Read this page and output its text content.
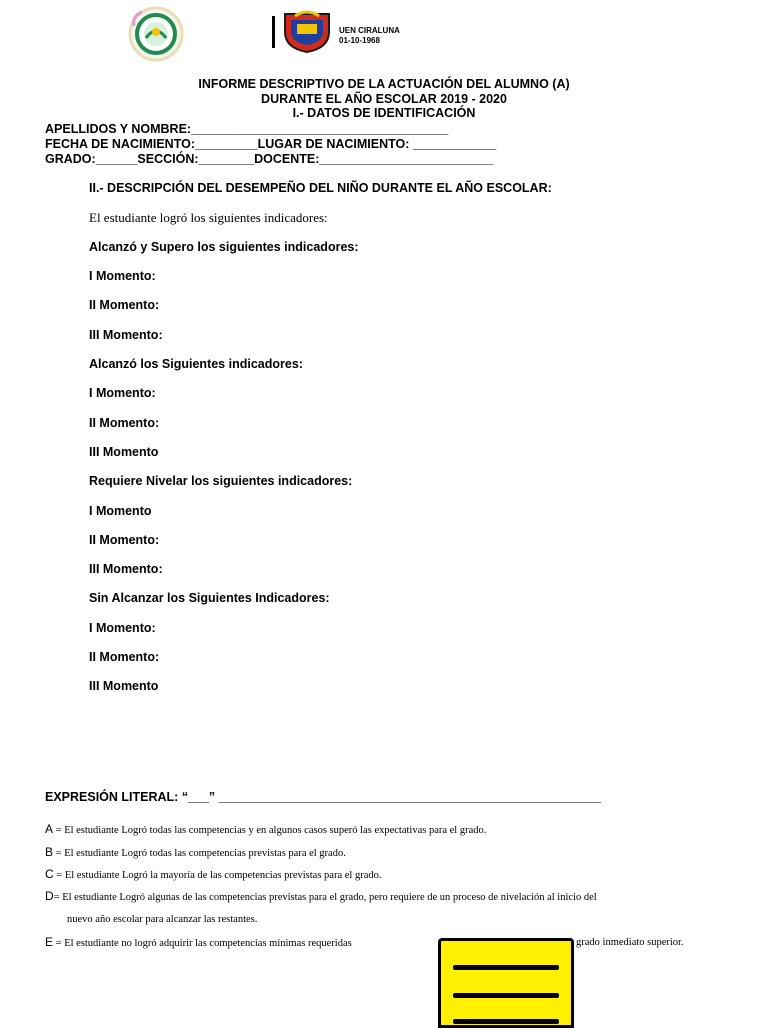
UEN CIRALUNA
01-10-1968
INFORME DESCRIPTIVO DE LA ACTUACIÓN DEL ALUMNO (A)
DURANTE EL AÑO ESCOLAR 2019 - 2020
I.- DATOS DE IDENTIFICACIÓN
APELLIDOS Y NOMBRE:_____________________________________
FECHA DE NACIMIENTO:_________LUGAR DE NACIMIENTO: ____________
GRADO:______SECCIÓN:________DOCENTE:_________________________
II.- DESCRIPCIÓN DEL DESEMPEÑO DEL NIÑO DURANTE EL AÑO ESCOLAR:
El estudiante logró los siguientes indicadores:
Alcanzó y Supero los siguientes indicadores:
I Momento:
II Momento:
III Momento:
Alcanzó los Siguientes indicadores:
I Momento:
II Momento:
III Momento
Requiere Nivelar los siguientes indicadores:
I Momento
II Momento:
III Momento:
Sin Alcanzar los Siguientes Indicadores:
I Momento:
II Momento:
III Momento
EXPRESIÓN LITERAL: “___” _______________________________________________________
A = El estudiante Logró todas las competencias y en algunos casos superó las expectativas para el grado.
B = El estudiante Logró todas las competencias previstas para el grado.
C = El estudiante Logró la mayoría de las competencias previstas para el grado.
D= El estudiante Logró algunas de las competencias previstas para el grado, pero requiere de un proceso de nivelación al inicio del
nuevo año escolar para alcanzar las restantes.
E = El estudiante no logró adquirir las competencias mínimas requeridas	grado inmediato superior.
